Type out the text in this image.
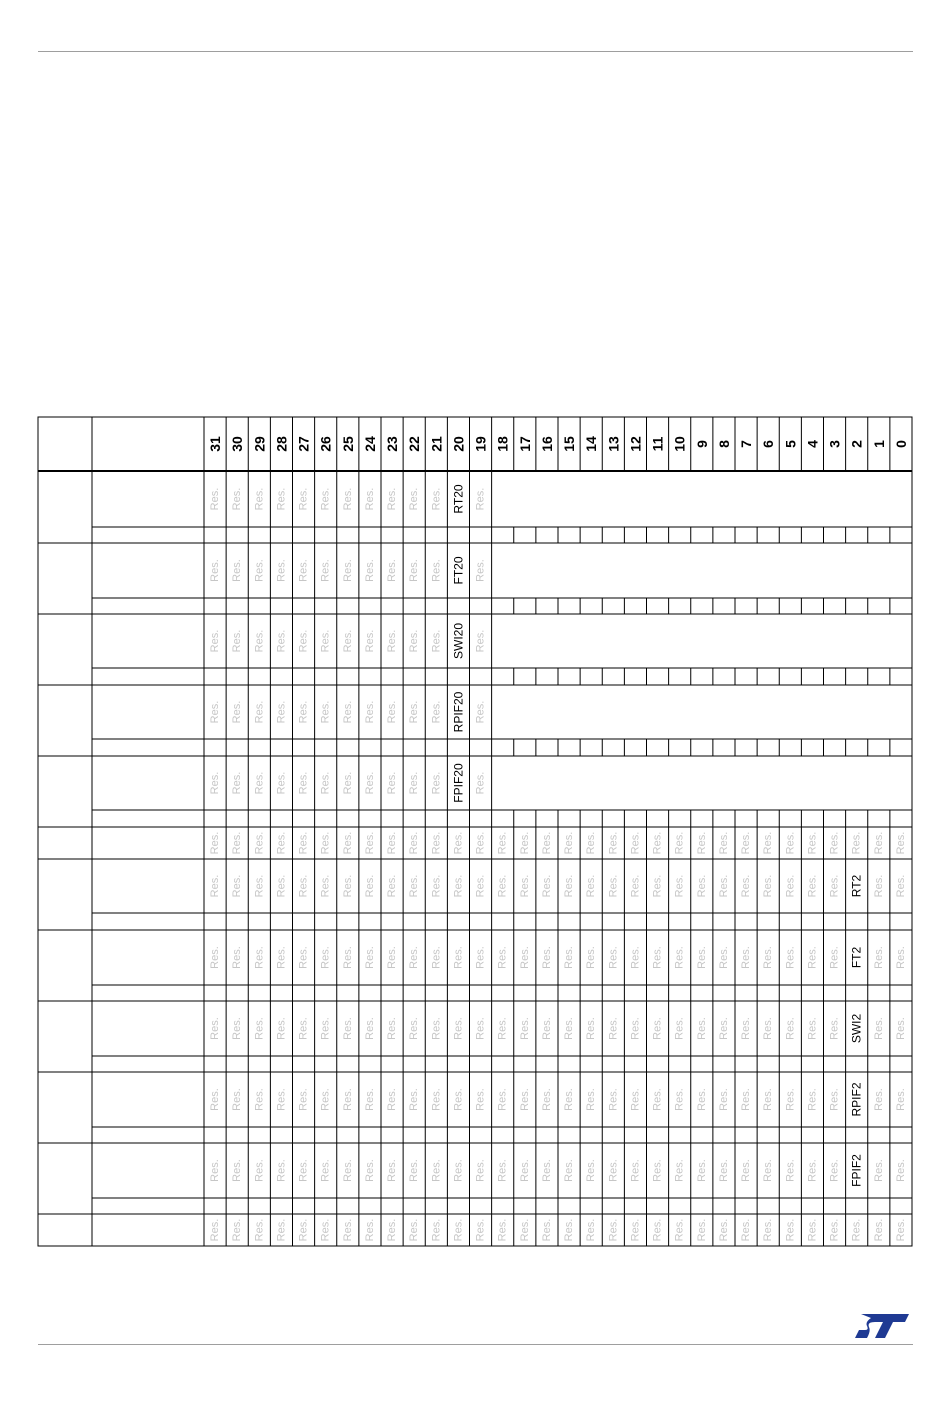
31 30 29 28 27 26 25 24 23 22 21 20 19 18 17 16 15 14 13 12 11 10 9 8 7 6 5 4 3 2 1 0
Res. Res. Res. Res. Res. Res. Res. Res. Res. Res. Res. RT20 Res.
Res. Res. Res. Res. Res. Res. Res. Res. Res. Res. Res. FT20 Res.
Res. Res. Res. Res. Res. Res. Res. Res. Res. Res. Res. SWI20 Res.
Res. Res. Res. Res. Res. Res. Res. Res. Res. Res. Res. RPIF20 Res.
Res. Res. Res. Res. Res. Res. Res. Res. Res. Res. Res. FPIF20 Res.
Res. Res. Res. Res. Res. Res. Res. Res. Res. Res. Res. Res. Res. Res. Res. Res. Res. Res. Res. Res. Res. Res. Res. Res. Res. Res. Res. Res. Res. Res. Res. Res.
Res. Res. Res. Res. Res. Res. Res. Res. Res. Res. Res. Res. Res. Res. Res. Res. Res. Res. Res. Res. Res. Res. Res. Res. Res. Res. Res. Res. Res. RT2 Res. Res.
Res. Res. Res. Res. Res. Res. Res. Res. Res. Res. Res. Res. Res. Res. Res. Res. Res. Res. Res. Res. Res. Res. Res. Res. Res. Res. Res. Res. Res. FT2 Res. Res.
Res. Res. Res. Res. Res. Res. Res. Res. Res. Res. Res. Res. Res. Res. Res. Res. Res. Res. Res. Res. Res. Res. Res. Res. Res. Res. Res. Res. Res. SWI2 Res. Res.
Res. Res. Res. Res. Res. Res. Res. Res. Res. Res. Res. Res. Res. Res. Res. Res. Res. Res. Res. Res. Res. Res. Res. Res. Res. Res. Res. Res. Res. RPIF2 Res. Res.
Res. Res. Res. Res. Res. Res. Res. Res. Res. Res. Res. Res. Res. Res. Res. Res. Res. Res. Res. Res. Res. Res. Res. Res. Res. Res. Res. Res. Res. FPIF2 Res. Res.
Res. Res. Res. Res. Res. Res. Res. Res. Res. Res. Res. Res. Res. Res. Res. Res. Res. Res. Res. Res. Res. Res. Res. Res. Res. Res. Res. Res. Res. Res. Res. Res.
